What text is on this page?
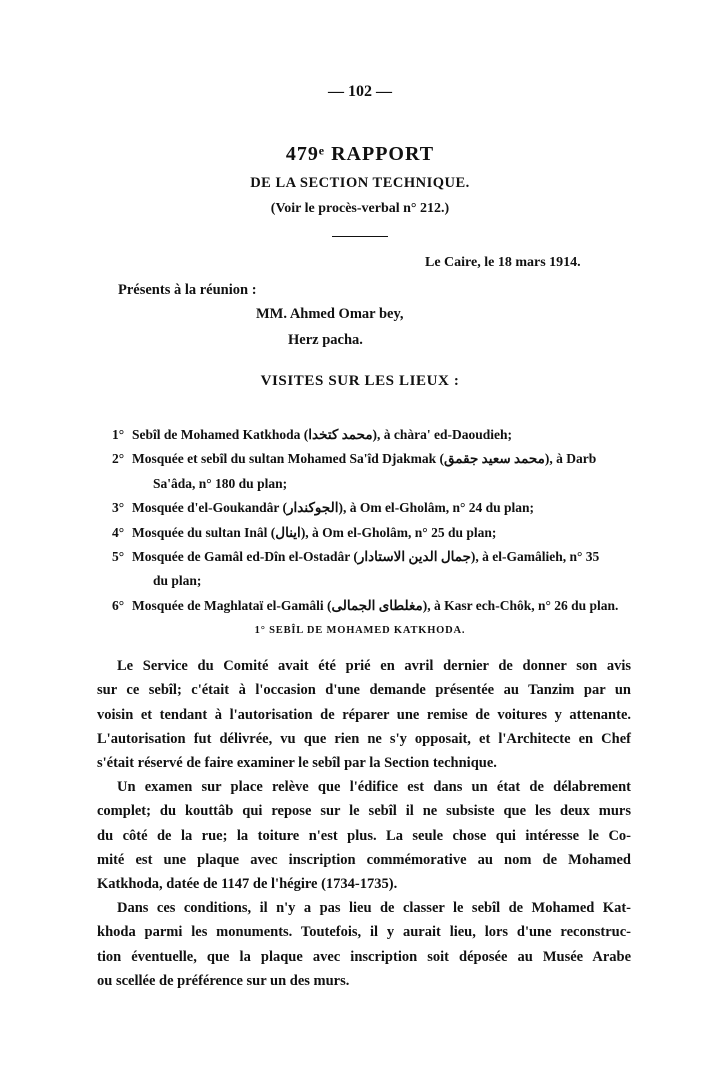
— 102 —
479ᵉ RAPPORT
DE LA SECTION TECHNIQUE.
(Voir le procès-verbal n° 212.)
Le Caire, le 18 mars 1914.
Présents à la réunion :
MM. Ahmed Omar bey,
Herz pacha.
VISITES SUR LES LIEUX :
1° Sebîl de Mohamed Katkhoda (محمد كتخدا), à chàra' ed-Daoudieh;
2° Mosquée et sebîl du sultan Mohamed Sa'îd Djakmak (محمد سعيد جقمق), à Darb
Sa'âda, n° 180 du plan;
3° Mosquée d'el-Goukandâr (الجوكندار), à Om el-Gholâm, n° 24 du plan;
4° Mosquée du sultan Inâl (اينال), à Om el-Gholâm, n° 25 du plan;
5° Mosquée de Gamâl ed-Dîn el-Ostadâr (جمال الدين الاستادار), à el-Gamâlieh, n° 35
du plan;
6° Mosquée de Maghlataï el-Gamâli (مغلطاى الجمالى), à Kasr ech-Chôk, n° 26 du plan.
1° SEBÎL DE MOHAMED KATKHODA.
Le Service du Comité avait été prié en avril dernier de donner son avis
sur ce sebîl; c'était à l'occasion d'une demande présentée au Tanzim par un
voisin et tendant à l'autorisation de réparer une remise de voitures y attenante.
L'autorisation fut délivrée, vu que rien ne s'y opposait, et l'Architecte en Chef
s'était réservé de faire examiner le sebîl par la Section technique.
Un examen sur place relève que l'édifice est dans un état de délabrement
complet; du kouttâb qui repose sur le sebîl il ne subsiste que les deux murs
du côté de la rue; la toiture n'est plus. La seule chose qui intéresse le Co-
mité est une plaque avec inscription commémorative au nom de Mohamed
Katkhoda, datée de 1147 de l'hégire (1734-1735).
Dans ces conditions, il n'y a pas lieu de classer le sebîl de Mohamed Kat-
khoda parmi les monuments. Toutefois, il y aurait lieu, lors d'une reconstruc-
tion éventuelle, que la plaque avec inscription soit déposée au Musée Arabe
ou scellée de préférence sur un des murs.
